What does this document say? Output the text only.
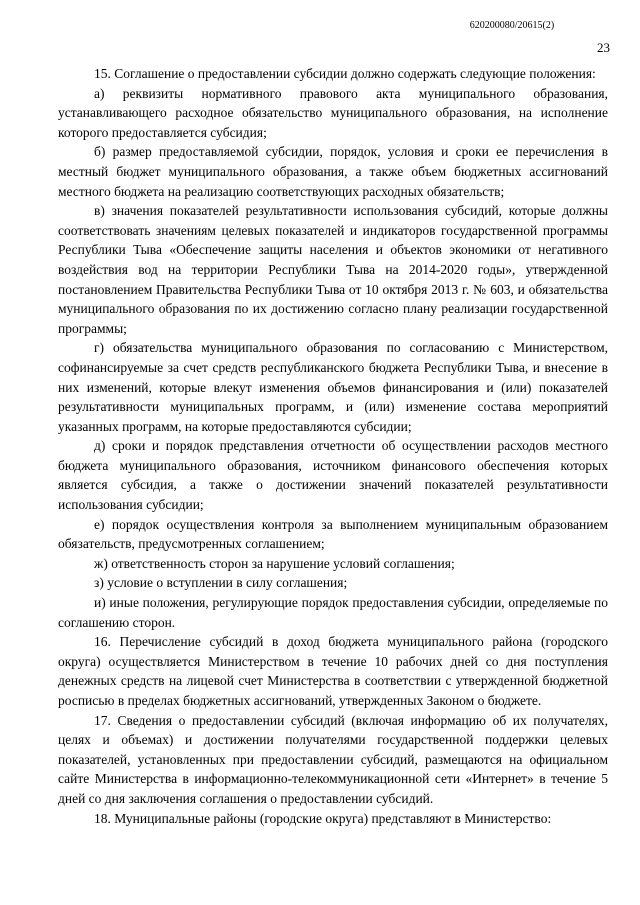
620200080/20615(2)
23

15. Соглашение о предоставлении субсидии должно содержать следующие положения:

а) реквизиты нормативного правового акта муниципального образования, устанавливающего расходное обязательство муниципального образования, на исполнение которого предоставляется субсидия;

б) размер предоставляемой субсидии, порядок, условия и сроки ее перечисления в местный бюджет муниципального образования, а также объем бюджетных ассигнований местного бюджета на реализацию соответствующих расходных обязательств;

в) значения показателей результативности использования субсидий, которые должны соответствовать значениям целевых показателей и индикаторов государственной программы Республики Тыва «Обеспечение защиты населения и объектов экономики от негативного воздействия вод на территории Республики Тыва на 2014-2020 годы», утвержденной постановлением Правительства Республики Тыва от 10 октября 2013 г. № 603, и обязательства муниципального образования по их достижению согласно плану реализации государственной программы;

г) обязательства муниципального образования по согласованию с Министерством, софинансируемые за счет средств республиканского бюджета Республики Тыва, и внесение в них изменений, которые влекут изменения объемов финансирования и (или) показателей результативности муниципальных программ, и (или) изменение состава мероприятий указанных программ, на которые предоставляются субсидии;

д) сроки и порядок представления отчетности об осуществлении расходов местного бюджета муниципального образования, источником финансового обеспечения которых является субсидия, а также о достижении значений показателей результативности использования субсидии;

е) порядок осуществления контроля за выполнением муниципальным образованием обязательств, предусмотренных соглашением;

ж) ответственность сторон за нарушение условий соглашения;

з) условие о вступлении в силу соглашения;

и) иные положения, регулирующие порядок предоставления субсидии, определяемые по соглашению сторон.

16. Перечисление субсидий в доход бюджета муниципального района (городского округа) осуществляется Министерством в течение 10 рабочих дней со дня поступления денежных средств на лицевой счет Министерства в соответствии с утвержденной бюджетной росписью в пределах бюджетных ассигнований, утвержденных Законом о бюджете.

17. Сведения о предоставлении субсидий (включая информацию об их получателях, целях и объемах) и достижении получателями государственной поддержки целевых показателей, установленных при предоставлении субсидий, размещаются на официальном сайте Министерства в информационно-телекоммуникационной сети «Интернет» в течение 5 дней со дня заключения соглашения о предоставлении субсидий.

18. Муниципальные районы (городские округа) представляют в Министерство:
